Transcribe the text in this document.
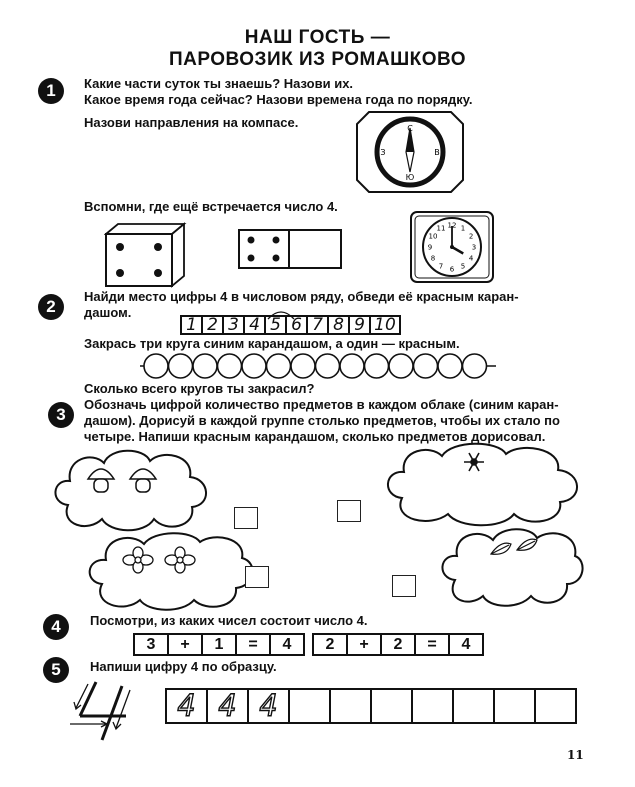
НАШ ГОСТЬ —
ПАРОВОЗИК ИЗ РОМАШКОВО
1	Какие части суток ты знаешь? Назови их.
Какое время года сейчас? Назови времена года по порядку.
Назови направления на компасе.	С
Ю
З	В
Вспомни, где ещё встречается число 4.
1
2
3
4
5
6
7
8
9
10
11 12
2
Найди место цифры 4 в числовом ряду, обведи её красным каран-
дашом.
1 2 3 4 5 6 7 8 9 10
Закрась три круга синим карандашом, а один — красным.
Сколько всего кругов ты закрасил?
3
Обозначь цифрой количество предметов в каждом облаке (синим каран-дашом). Дорисуй в каждой группе столько предметов, чтобы их стало по четыре. Напиши красным карандашом, сколько предметов дорисовал.
4	Посмотри, из каких чисел состоит число 4.
3	+	1	=	4 2	+	2	=	4
5	Напиши цифру 4 по образцу.
4 4 4
11
